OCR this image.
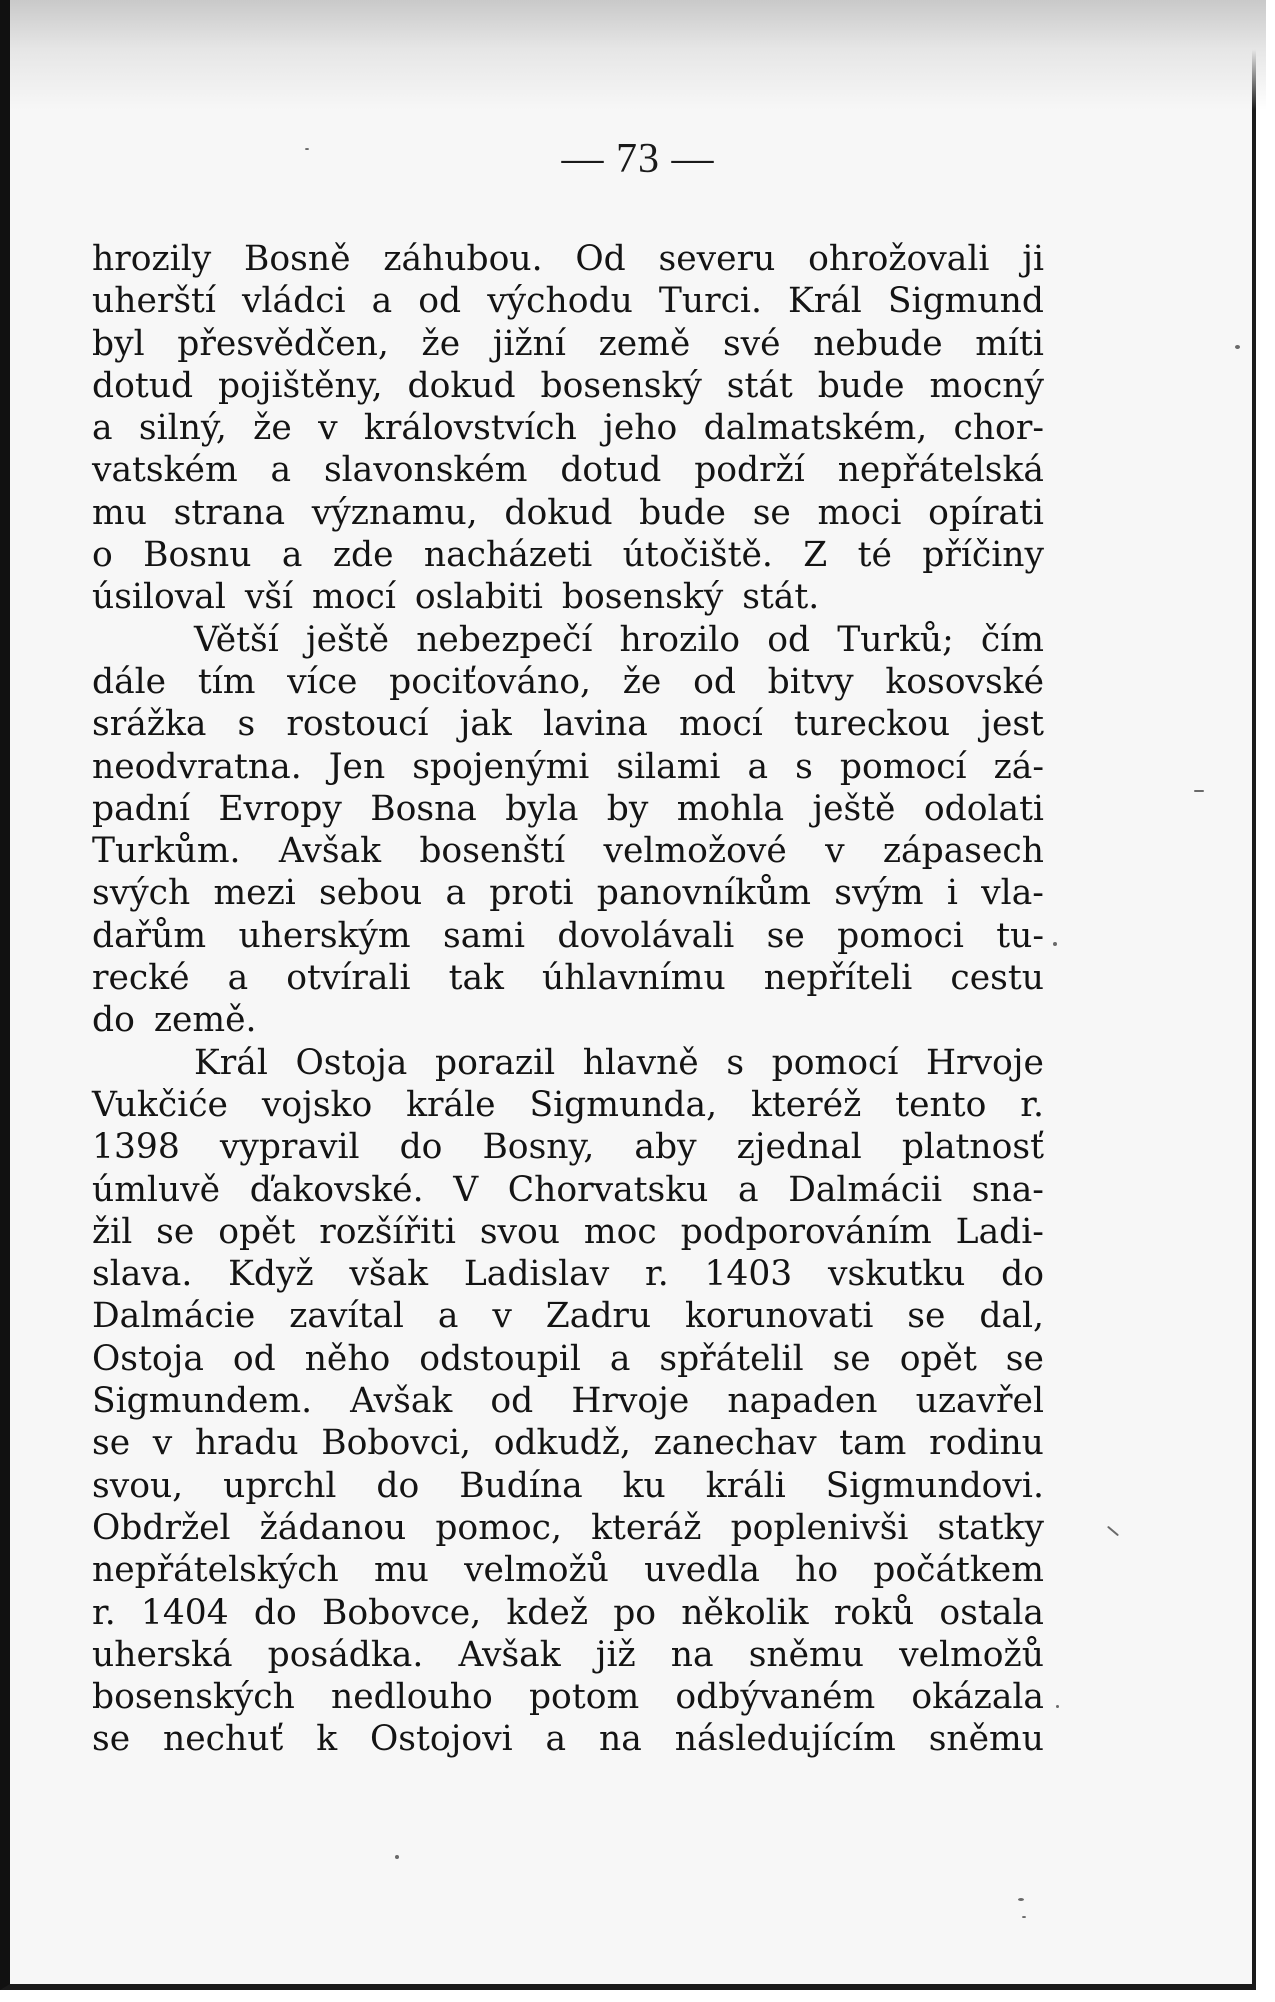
— 73 —
hrozily Bosně záhubou. Od severu ohrožovali ji
uherští vládci a od východu Turci. Král Sigmund
byl přesvědčen, že jižní země své nebude míti
dotud pojištěny, dokud bosenský stát bude mocný
a silný, že v královstvích jeho dalmatském, chor-
vatském a slavonském dotud podrží nepřátelská
mu strana významu, dokud bude se moci opírati
o Bosnu a zde nacházeti útočiště. Z té příčiny
úsiloval vší mocí oslabiti bosenský stát.
Větší ještě nebezpečí hrozilo od Turků; čím
dále tím více pociťováno, že od bitvy kosovské
srážka s rostoucí jak lavina mocí tureckou jest
neodvratna. Jen spojenými silami a s pomocí zá-
padní Evropy Bosna byla by mohla ještě odolati
Turkům. Avšak bosenští velmožové v zápasech
svých mezi sebou a proti panovníkům svým i vla-
dařům uherským sami dovolávali se pomoci tu-
recké a otvírali tak úhlavnímu nepříteli cestu
do země.
Král Ostoja porazil hlavně s pomocí Hrvoje
Vukčiće vojsko krále Sigmunda, kteréž tento r.
1398 vypravil do Bosny, aby zjednal platnosť
úmluvě ďakovské. V Chorvatsku a Dalmácii sna-
žil se opět rozšířiti svou moc podporováním Ladi-
slava. Když však Ladislav r. 1403 vskutku do
Dalmácie zavítal a v Zadru korunovati se dal,
Ostoja od něho odstoupil a spřátelil se opět se
Sigmundem. Avšak od Hrvoje napaden uzavřel
se v hradu Bobovci, odkudž, zanechav tam rodinu
svou, uprchl do Budína ku králi Sigmundovi.
Obdržel žádanou pomoc, kteráž poplenivši statky
nepřátelských mu velmožů uvedla ho počátkem
r. 1404 do Bobovce, kdež po několik roků ostala
uherská posádka. Avšak již na sněmu velmožů
bosenských nedlouho potom odbývaném okázala
se nechuť k Ostojovi a na následujícím sněmu
